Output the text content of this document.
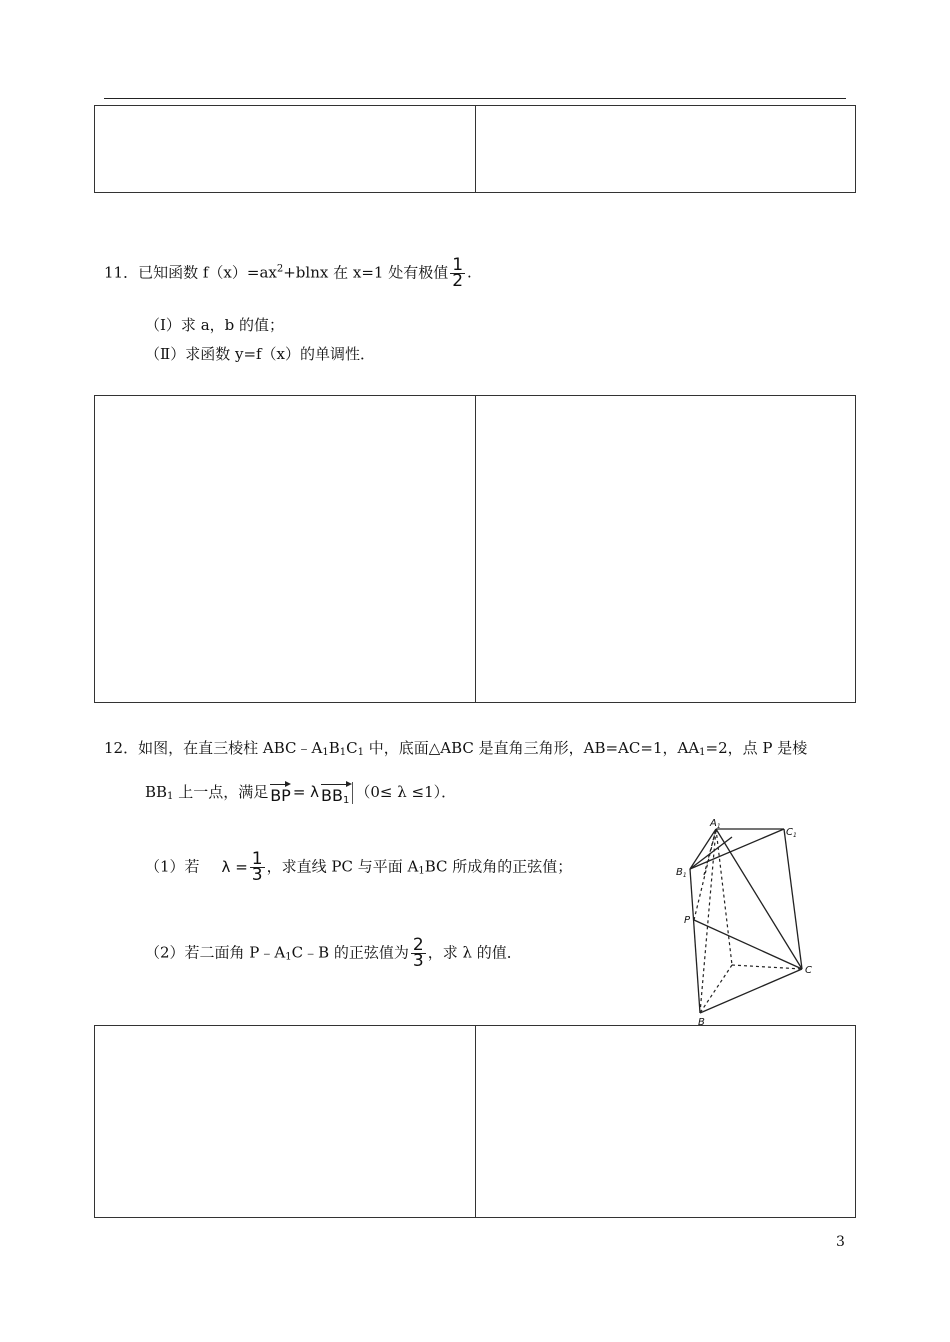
11．已知函数 $f(x)=ax^2+blnx$ 在 x=1 处有极值 $\frac{1}{2}$ .
（Ⅰ）求 a，b 的值；
（Ⅱ）求函数 y=f（x）的单调性．
12．如图，在直三棱柱 $ABC﹣A_1B_1C_1$ 中，底面△ABC 是直角三角形，AB=AC=1，$AA_1=2$，点 P 是棱
$BB_1$ 上一点，满足 BP = λ $BB_1$ （0≤ λ ≤1）．
（1）若 $\lambda = \frac{1}{3}$ ，求直线 PC 与平面 $A_1BC$ 所成角的正弦值；
（2）若二面角 $P﹣A_1C﹣B$ 的正弦值为 $\frac{2}{3}$ ，求 λ 的值．
$A_1$
$C_1$
$B_1$
P
C
B
3
